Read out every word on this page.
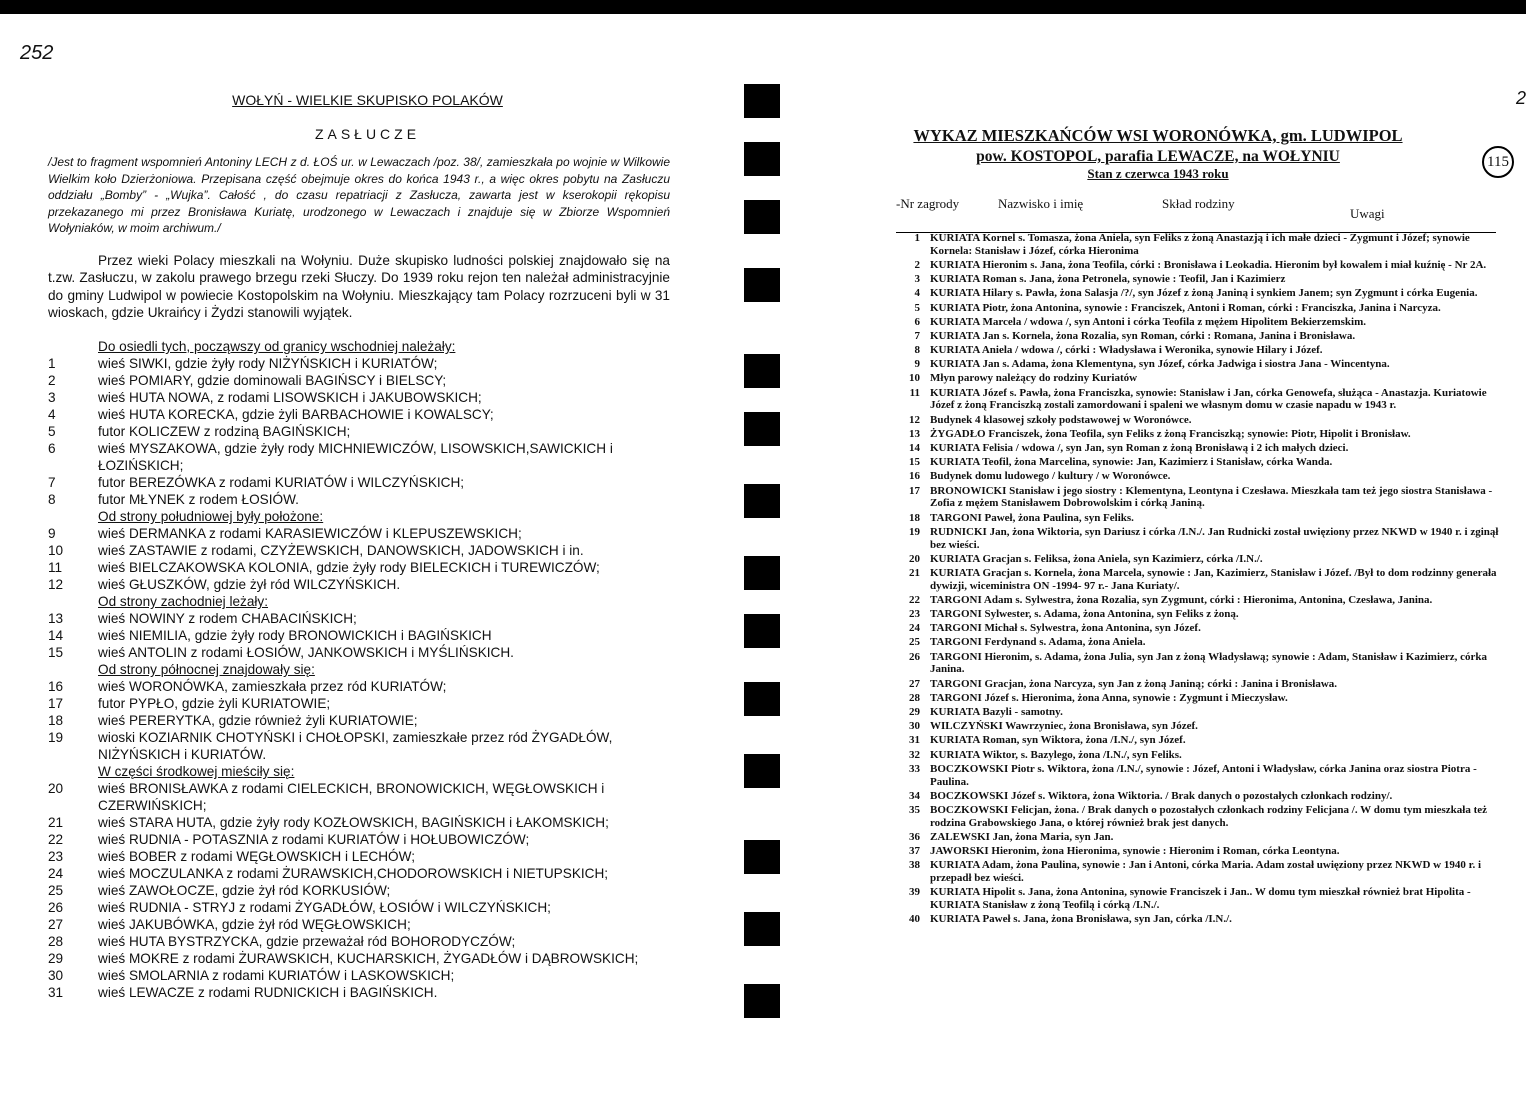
252
WOŁYŃ - WIELKIE SKUPISKO POLAKÓW
ZASŁUCZE
/Jest to fragment wspomnień Antoniny LECH z d. ŁOŚ ur. w Lewaczach /poz. 38/, zamieszkała po wojnie w Wilkowie Wielkim koło Dzierżoniowa. Przepisana część obejmuje okres do końca 1943 r., a więc okres pobytu na Zasłuczu oddziału „Bomby” - „Wujka”. Całość , do czasu repatriacji z Zasłucza, zawarta jest w kserokopii rękopisu przekazanego mi przez Bronisława Kuriatę, urodzonego w Lewaczach i znajduje się w Zbiorze Wspomnień Wołyniaków, w moim archiwum./
Przez wieki Polacy mieszkali na Wołyniu. Duże skupisko ludności polskiej znajdowało się na t.zw. Zasłuczu, w zakolu prawego brzegu rzeki Słuczy. Do 1939 roku rejon ten należał administracyjnie do gminy Ludwipol w powiecie Kostopolskim na Wołyniu. Mieszkający tam Polacy rozrzuceni byli w 31 wioskach, gdzie Ukraińcy i Żydzi stanowili wyjątek.
Do osiedli tych, począwszy od granicy wschodniej należały:
1	wieś SIWKI, gdzie żyły rody NIŻYŃSKICH i KURIATÓW;
2	wieś POMIARY, gdzie dominowali BAGIŃSCY i BIELSCY;
3	wieś HUTA NOWA, z rodami LISOWSKICH i JAKUBOWSKICH;
4	wieś HUTA KORECKA, gdzie żyli BARBACHOWIE i KOWALSCY;
5	futor KOLICZEW z rodziną BAGIŃSKICH;
6	wieś MYSZAKOWA, gdzie żyły rody MICHNIEWICZÓW, LISOWSKICH,SAWICKICH i ŁOZIŃSKICH;
7	futor BEREZÓWKA z rodami KURIATÓW i WILCZYŃSKICH;
8	futor MŁYNEK z rodem ŁOSIÓW.
Od strony południowej były położone:
9	wieś DERMANKA z rodami KARASIEWICZÓW i KLEPUSZEWSKICH;
10	wieś ZASTAWIE z rodami, CZYŻEWSKICH, DANOWSKICH, JADOWSKICH i in.
11	wieś BIELCZAKOWSKA KOLONIA, gdzie żyły rody BIELECKICH i TUREWICZÓW;
12	wieś GŁUSZKÓW, gdzie żył ród WILCZYŃSKICH.
Od strony zachodniej leżały:
13	wieś NOWINY z rodem CHABACIŃSKICH;
14	wieś NIEMILIA, gdzie żyły rody BRONOWICKICH i BAGIŃSKICH
15	wieś ANTOLIN z rodami ŁOSIÓW, JANKOWSKICH i MYŚLIŃSKICH.
Od strony północnej znajdowały się:
16	wieś WORONÓWKA, zamieszkała przez ród KURIATÓW;
17	futor PYPŁO, gdzie żyli KURIATOWIE;
18	wieś PERERYTKA, gdzie również żyli KURIATOWIE;
19	wioski KOZIARNIK CHOTYŃSKI i CHOŁOPSKI, zamieszkałe przez ród ŻYGADŁÓW, NIŻYŃSKICH i KURIATÓW.
W części środkowej mieściły się:
20	wieś BRONISŁAWKA z rodami CIELECKICH, BRONOWICKICH, WĘGŁOWSKICH i CZERWIŃSKICH;
21	wieś STARA HUTA, gdzie żyły rody KOZŁOWSKICH, BAGIŃSKICH i ŁAKOMSKICH;
22	wieś RUDNIA - POTASZNIA z rodami KURIATÓW i HOŁUBOWICZÓW;
23	wieś BOBER z rodami WĘGŁOWSKICH i LECHÓW;
24	wieś MOCZULANKA z rodami ŻURAWSKICH,CHODOROWSKICH i NIETUPSKICH;
25	wieś ZAWOŁOCZE, gdzie żył ród KORKUSIÓW;
26	wieś RUDNIA - STRYJ z rodami ŻYGADŁÓW, ŁOSIÓW i WILCZYŃSKICH;
27	wieś JAKUBÓWKA, gdzie żył ród WĘGŁOWSKICH;
28	wieś HUTA BYSTRZYCKA, gdzie przeważał ród BOHORODYCZÓW;
29	wieś MOKRE z rodami ŻURAWSKICH, KUCHARSKICH, ŻYGADŁÓW i DĄBROWSKICH;
30	wieś SMOLARNIA z rodami KURIATÓW i LASKOWSKICH;
31	wieś LEWACZE z rodami RUDNICKICH i BAGIŃSKICH.
2
WYKAZ MIESZKAŃCÓW WSI WORONÓWKA, gm. LUDWIPOL
pow. KOSTOPOL, parafia LEWACZE, na WOŁYNIU
Stan z czerwca 1943 roku
115
-Nr zagrody	Nazwisko i imię	Skład rodziny
Uwagi
1 KURIATA Kornel s. Tomasza, żona Aniela, syn Feliks z żoną Anastazją i ich małe dzieci - Zygmunt i Józef; synowie Kornela: Stanisław i Józef, córka Hieronima
2 KURIATA Hieronim s. Jana, żona Teofila, córki : Bronisława i Leokadia. Hieronim był kowalem i miał kuźnię - Nr 2A.
3 KURIATA Roman s. Jana, żona Petronela, synowie : Teofil, Jan i Kazimierz
4 KURIATA Hilary s. Pawła, żona Salasja /?/, syn Józef z żoną Janiną i synkiem Janem; syn Zygmunt i córka Eugenia.
5 KURIATA Piotr, żona Antonina, synowie : Franciszek, Antoni i Roman, córki : Franciszka, Janina i Narcyza.
6 KURIATA Marcela / wdowa /, syn Antoni i córka Teofila z mężem Hipolitem Bekierzemskim.
7 KURIATA Jan s. Kornela, żona Rozalia, syn Roman, córki : Romana, Janina i Bronisława.
8 KURIATA Aniela / wdowa /, córki : Władysława i Weronika, synowie Hilary i Józef.
9 KURIATA Jan s. Adama, żona Klementyna, syn Józef, córka Jadwiga i siostra Jana - Wincentyna.
10 Młyn parowy należący do rodziny Kuriatów
11 KURIATA Józef s. Pawła, żona Franciszka, synowie: Stanisław i Jan, córka Genowefa, służąca - Anastazja. Kuriatowie Józef z żoną Franciszką zostali zamordowani i spaleni we własnym domu w czasie napadu w 1943 r.
12 Budynek 4 klasowej szkoły podstawowej w Woronówce.
13 ŻYGADŁO Franciszek, żona Teofila, syn Feliks z żoną Franciszką; synowie: Piotr, Hipolit i Bronisław.
14 KURIATA Felisia / wdowa /, syn Jan, syn Roman z żoną Bronisławą i 2 ich małych dzieci.
15 KURIATA Teofil, żona Marcelina, synowie: Jan, Kazimierz i Stanisław, córka Wanda.
16 Budynek domu ludowego / kultury / w Woronówce.
17 BRONOWICKI Stanisław i jego siostry : Klementyna, Leontyna i Czesława. Mieszkała tam też jego siostra Stanisława - Zofia z mężem Stanisławem Dobrowolskim i córką Janiną.
18 TARGONI Paweł, żona Paulina, syn Feliks.
19 RUDNICKI Jan, żona Wiktoria, syn Dariusz i córka /I.N./. Jan Rudnicki został uwięziony przez NKWD w 1940 r. i zginął bez wieści.
20 KURIATA Gracjan s. Feliksa, żona Aniela, syn Kazimierz, córka /I.N./.
21 KURIATA Gracjan s. Kornela, żona Marcela, synowie : Jan, Kazimierz, Stanisław i Józef. /Był to dom rodzinny generała dywizji, wiceministra ON -1994- 97 r.- Jana Kuriaty/.
22 TARGONI Adam s. Sylwestra, żona Rozalia, syn Zygmunt, córki : Hieronima, Antonina, Czesława, Janina.
23 TARGONI Sylwester, s. Adama, żona Antonina, syn Feliks z żoną.
24 TARGONI Michał s. Sylwestra, żona Antonina, syn Józef.
25 TARGONI Ferdynand s. Adama, żona Aniela.
26 TARGONI Hieronim, s. Adama, żona Julia, syn Jan z żoną Władysławą; synowie : Adam, Stanisław i Kazimierz, córka Janina.
27 TARGONI Gracjan, żona Narcyza, syn Jan z żoną Janiną; córki : Janina i Bronisława.
28 TARGONI Józef s. Hieronima, żona Anna, synowie : Zygmunt i Mieczysław.
29 KURIATA Bazyli - samotny.
30 WILCZYŃSKI Wawrzyniec, żona Bronisława, syn Józef.
31 KURIATA Roman, syn Wiktora, żona /I.N./, syn Józef.
32 KURIATA Wiktor, s. Bazylego, żona /I.N./, syn Feliks.
33 BOCZKOWSKI Piotr s. Wiktora, żona /I.N./, synowie : Józef, Antoni i Władysław, córka Janina oraz siostra Piotra - Paulina.
34 BOCZKOWSKI Józef s. Wiktora, żona Wiktoria. / Brak danych o pozostałych członkach rodziny/.
35 BOCZKOWSKI Felicjan, żona. / Brak danych o pozostałych członkach rodziny Felicjana /. W domu tym mieszkała też rodzina Grabowskiego Jana, o której również brak jest danych.
36 ZALEWSKI Jan, żona Maria, syn Jan.
37 JAWORSKI Hieronim, żona Hieronima, synowie : Hieronim i Roman, córka Leontyna.
38 KURIATA Adam, żona Paulina, synowie : Jan i Antoni, córka Maria. Adam został uwięziony przez NKWD w 1940 r. i przepadł bez wieści.
39 KURIATA Hipolit s. Jana, żona Antonina, synowie Franciszek i Jan.. W domu tym mieszkał również brat Hipolita - KURIATA Stanisław z żoną Teofilą i córką /I.N./.
40 KURIATA Paweł s. Jana, żona Bronisława, syn Jan, córka /I.N./.
